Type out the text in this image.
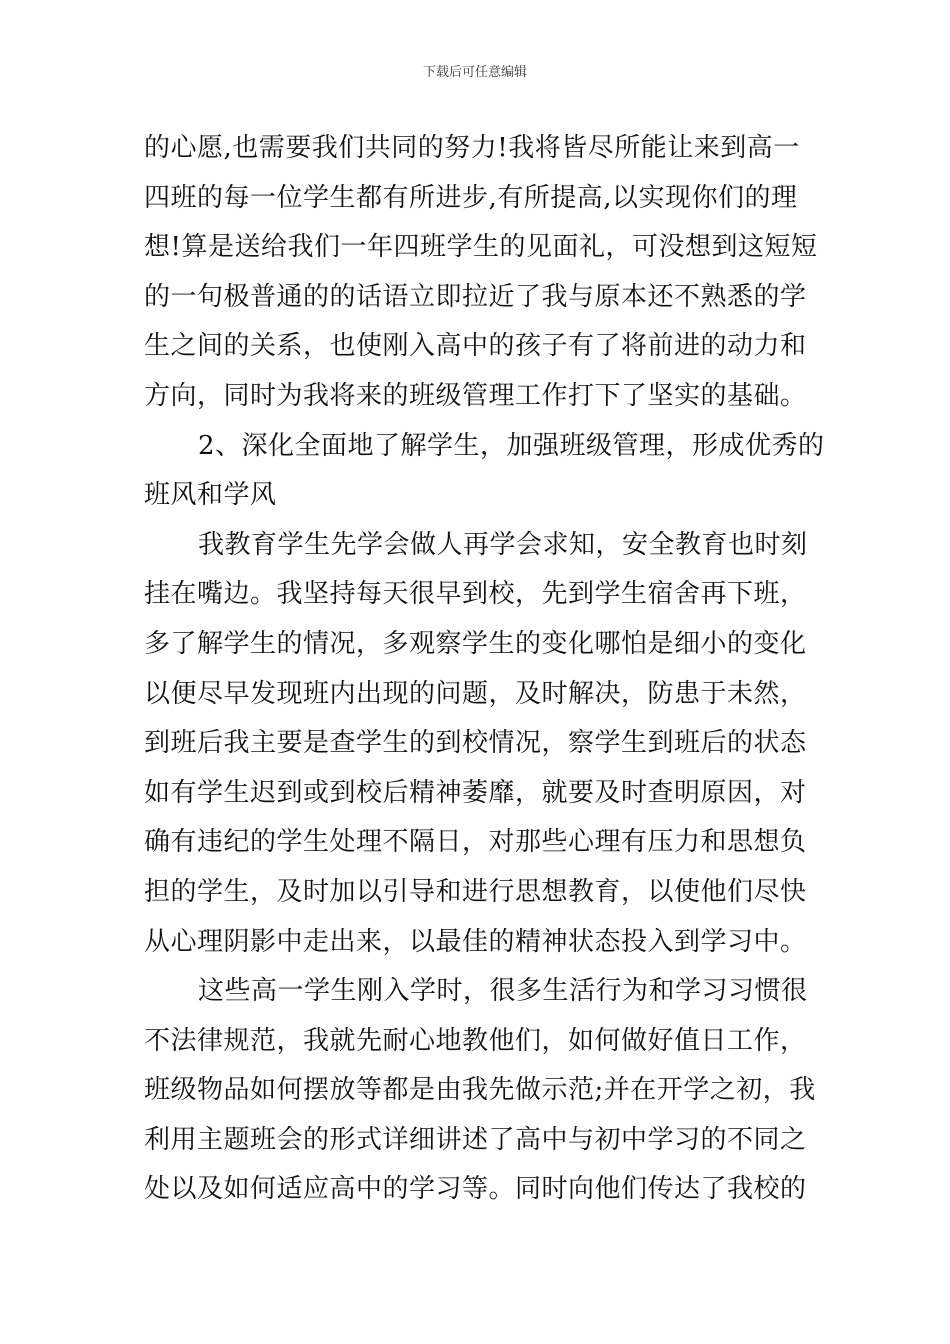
下载后可任意编辑
的心愿,也需要我们共同的努力!我将皆尽所能让来到高一
四班的每一位学生都有所进步,有所提高,以实现你们的理
想!算是送给我们一年四班学生的见面礼，可没想到这短短
的一句极普通的的话语立即拉近了我与原本还不熟悉的学
生之间的关系，也使刚入高中的孩子有了将前进的动力和
方向，同时为我将来的班级管理工作打下了坚实的基础。
2、深化全面地了解学生，加强班级管理，形成优秀的
班风和学风
我教育学生先学会做人再学会求知，安全教育也时刻
挂在嘴边。我坚持每天很早到校，先到学生宿舍再下班，
多了解学生的情况，多观察学生的变化哪怕是细小的变化
以便尽早发现班内出现的问题，及时解决，防患于未然，
到班后我主要是查学生的到校情况，察学生到班后的状态
如有学生迟到或到校后精神萎靡，就要及时查明原因，对
确有违纪的学生处理不隔日，对那些心理有压力和思想负
担的学生，及时加以引导和进行思想教育，以使他们尽快
从心理阴影中走出来，以最佳的精神状态投入到学习中。
这些高一学生刚入学时，很多生活行为和学习习惯很
不法律规范，我就先耐心地教他们，如何做好值日工作，
班级物品如何摆放等都是由我先做示范;并在开学之初，我
利用主题班会的形式详细讲述了高中与初中学习的不同之
处以及如何适应高中的学习等。同时向他们传达了我校的
